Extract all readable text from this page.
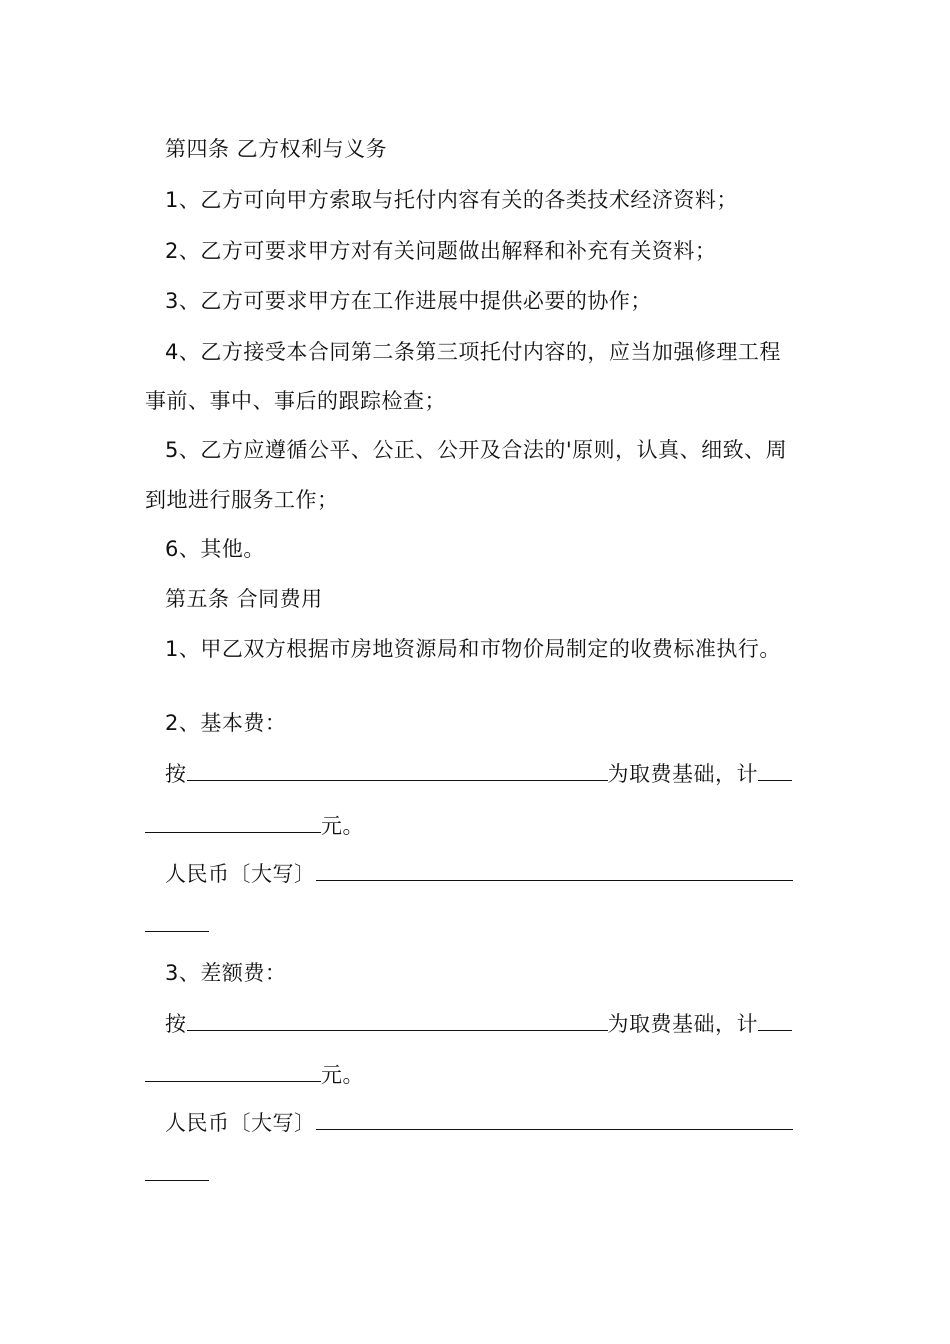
第四条 乙方权利与义务
1、乙方可向甲方索取与托付内容有关的各类技术经济资料；
2、乙方可要求甲方对有关问题做出解释和补充有关资料；
3、乙方可要求甲方在工作进展中提供必要的协作；
4、乙方接受本合同第二条第三项托付内容的，应当加强修理工程
事前、事中、事后的跟踪检查；
5、乙方应遵循公平、公正、公开及合法的'原则，认真、细致、周
到地进行服务工作；
6、其他。
第五条 合同费用
1、甲乙双方根据市房地资源局和市物价局制定的收费标准执行。
2、基本费：
按	为取费基础，计
元。
人民币〔大写〕
3、差额费：
按	为取费基础，计
元。
人民币〔大写〕
